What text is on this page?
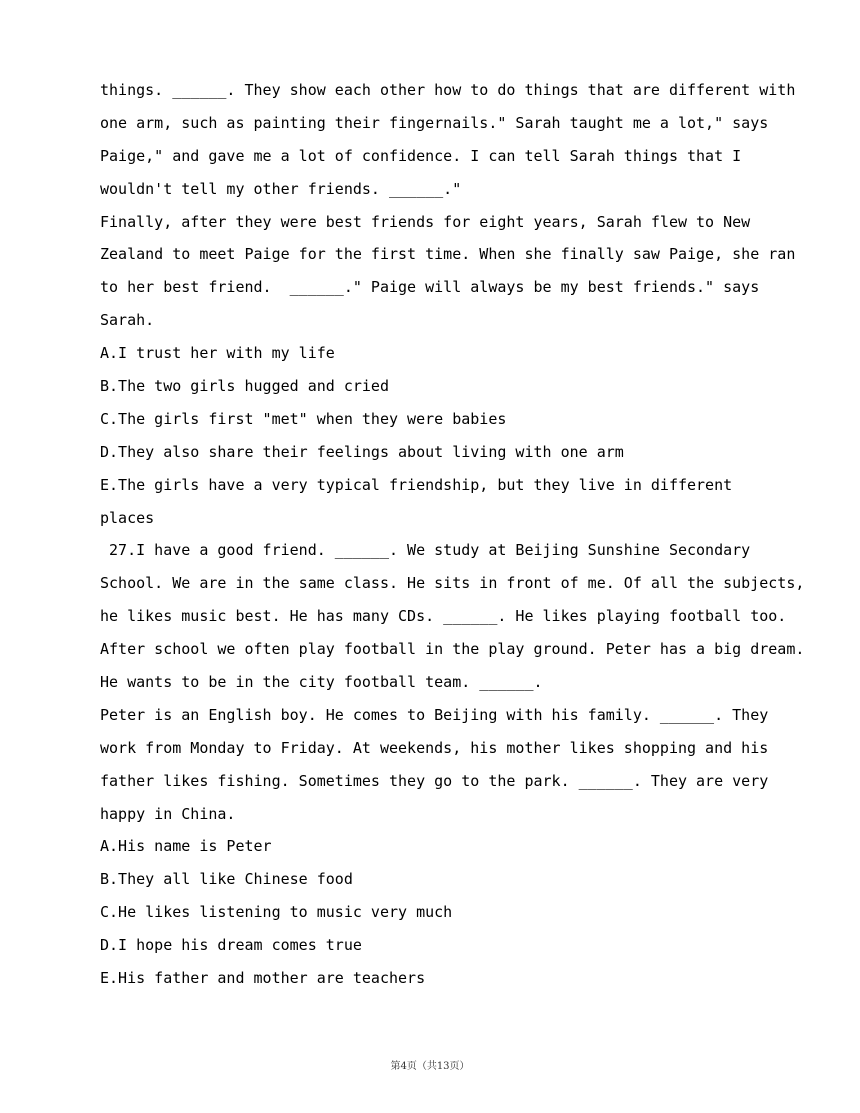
things. ______. They show each other how to do things that are different with
one arm, such as painting their fingernails." Sarah taught me a lot," says
Paige," and gave me a lot of confidence. I can tell Sarah things that I
wouldn't tell my other friends. ______."
Finally, after they were best friends for eight years, Sarah flew to New
Zealand to meet Paige for the first time. When she finally saw Paige, she ran
to her best friend.  ______." Paige will always be my best friends." says
Sarah.
A.I trust her with my life
B.The two girls hugged and cried
C.The girls first "met" when they were babies
D.They also share their feelings about living with one arm
E.The girls have a very typical friendship, but they live in different
places
27.I have a good friend. ______. We study at Beijing Sunshine Secondary
School. We are in the same class. He sits in front of me. Of all the subjects,
he likes music best. He has many CDs. ______. He likes playing football too.
After school we often play football in the play ground. Peter has a big dream.
He wants to be in the city football team. ______.
Peter is an English boy. He comes to Beijing with his family. ______. They
work from Monday to Friday. At weekends, his mother likes shopping and his
father likes fishing. Sometimes they go to the park. ______. They are very
happy in China.
A.His name is Peter
B.They all like Chinese food
C.He likes listening to music very much
D.I hope his dream comes true
E.His father and mother are teachers
第4页（共13页）
